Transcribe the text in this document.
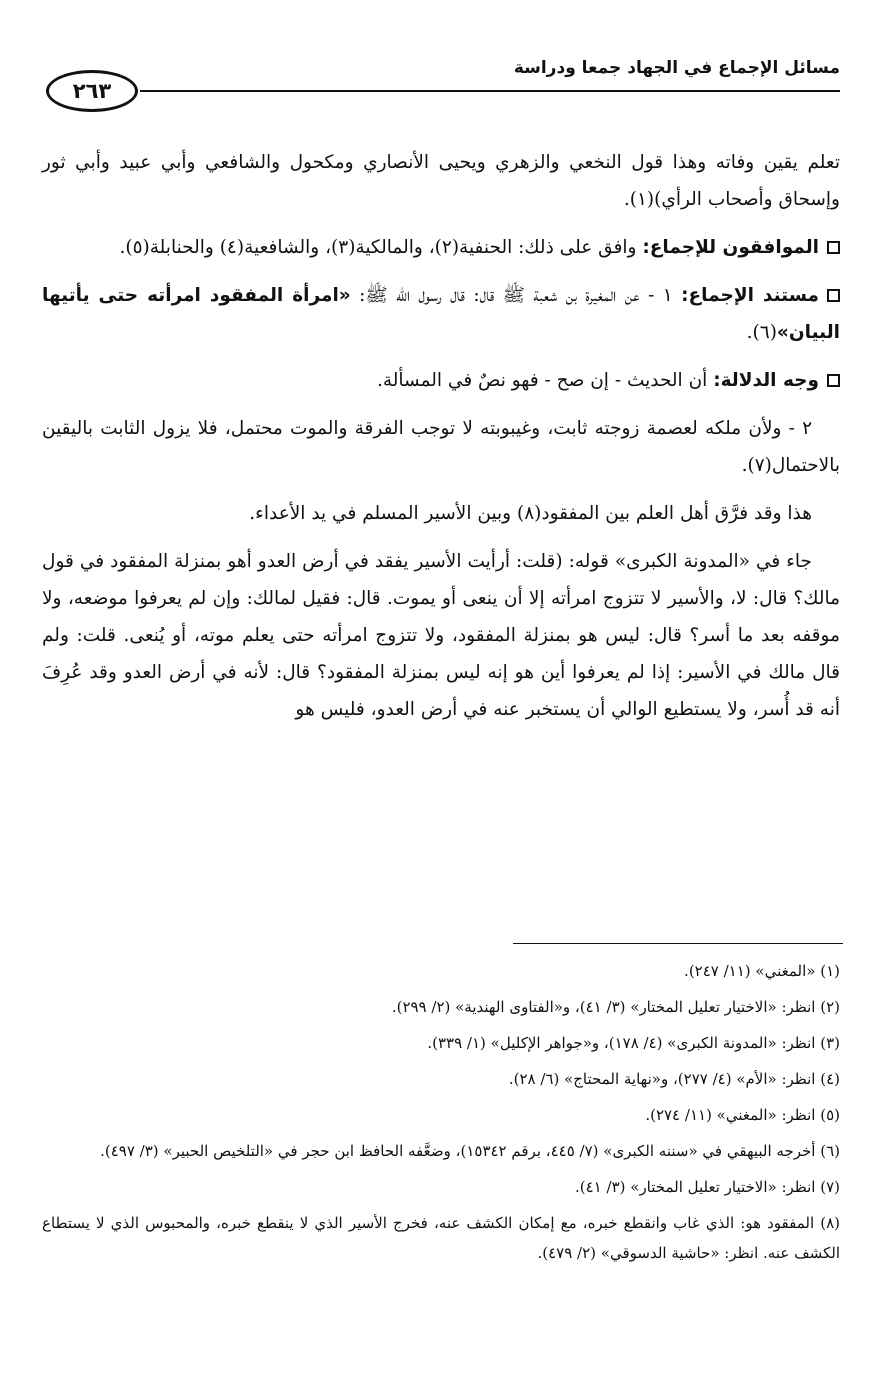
مسائل الإجماع في الجهاد جمعا ودراسة
٢٦٣

تعلم يقين وفاته وهذا قول النخعي والزهري ويحيى الأنصاري ومكحول والشافعي وأبي عبيد وأبي ثور وإسحاق وأصحاب الرأي)(١).

الموافقون للإجماع: وافق على ذلك: الحنفية(٢)، والمالكية(٣)، والشافعية(٤) والحنابلة(٥).

مستند الإجماع: ١ - عن المغيرة بن شعبة ﷺ قال: قال رسول الله ﷺ: «امرأة المفقود امرأته حتى يأتيها البيان»(٦).

وجه الدلالة: أن الحديث - إن صح - فهو نصٌ في المسألة.

٢ - ولأن ملكه لعصمة زوجته ثابت، وغيبوبته لا توجب الفرقة والموت محتمل، فلا يزول الثابت باليقين بالاحتمال(٧).

هذا وقد فرَّق أهل العلم بين المفقود(٨) وبين الأسير المسلم في يد الأعداء.

جاء في «المدونة الكبرى» قوله: (قلت: أرأيت الأسير يفقد في أرض العدو أهو بمنزلة المفقود في قول مالك؟ قال: لا، والأسير لا تتزوج امرأته إلا أن ينعى أو يموت. قال: فقيل لمالك: وإن لم يعرفوا موضعه، ولا موقفه بعد ما أسر؟ قال: ليس هو بمنزلة المفقود، ولا تتزوج امرأته حتى يعلم موته، أو يُنعى. قلت: ولم قال مالك في الأسير: إذا لم يعرفوا أين هو إنه ليس بمنزلة المفقود؟ قال: لأنه في أرض العدو وقد عُرِفَ أنه قد أُسر، ولا يستطيع الوالي أن يستخبر عنه في أرض العدو، فليس هو

(١) «المغني» (١١/ ٢٤٧).

(٢) انظر: «الاختيار تعليل المختار» (٣/ ٤١)، و«الفتاوى الهندية» (٢/ ٢٩٩).

(٣) انظر: «المدونة الكبرى» (٤/ ١٧٨)، و«جواهر الإكليل» (١/ ٣٣٩).

(٤) انظر: «الأم» (٤/ ٢٧٧)، و«نهاية المحتاج» (٦/ ٢٨).

(٥) انظر: «المغني» (١١/ ٢٧٤).

(٦) أخرجه البيهقي في «سننه الكبرى» (٧/ ٤٤٥، برقم ١٥٣٤٢)، وضعَّفه الحافظ ابن حجر في «التلخيص الحبير» (٣/ ٤٩٧).

(٧) انظر: «الاختيار تعليل المختار» (٣/ ٤١).

(٨) المفقود هو: الذي غاب وانقطع خبره، مع إمكان الكشف عنه، فخرج الأسير الذي لا ينقطع خبره، والمحبوس الذي لا يستطاع الكشف عنه. انظر: «حاشية الدسوقي» (٢/ ٤٧٩).
